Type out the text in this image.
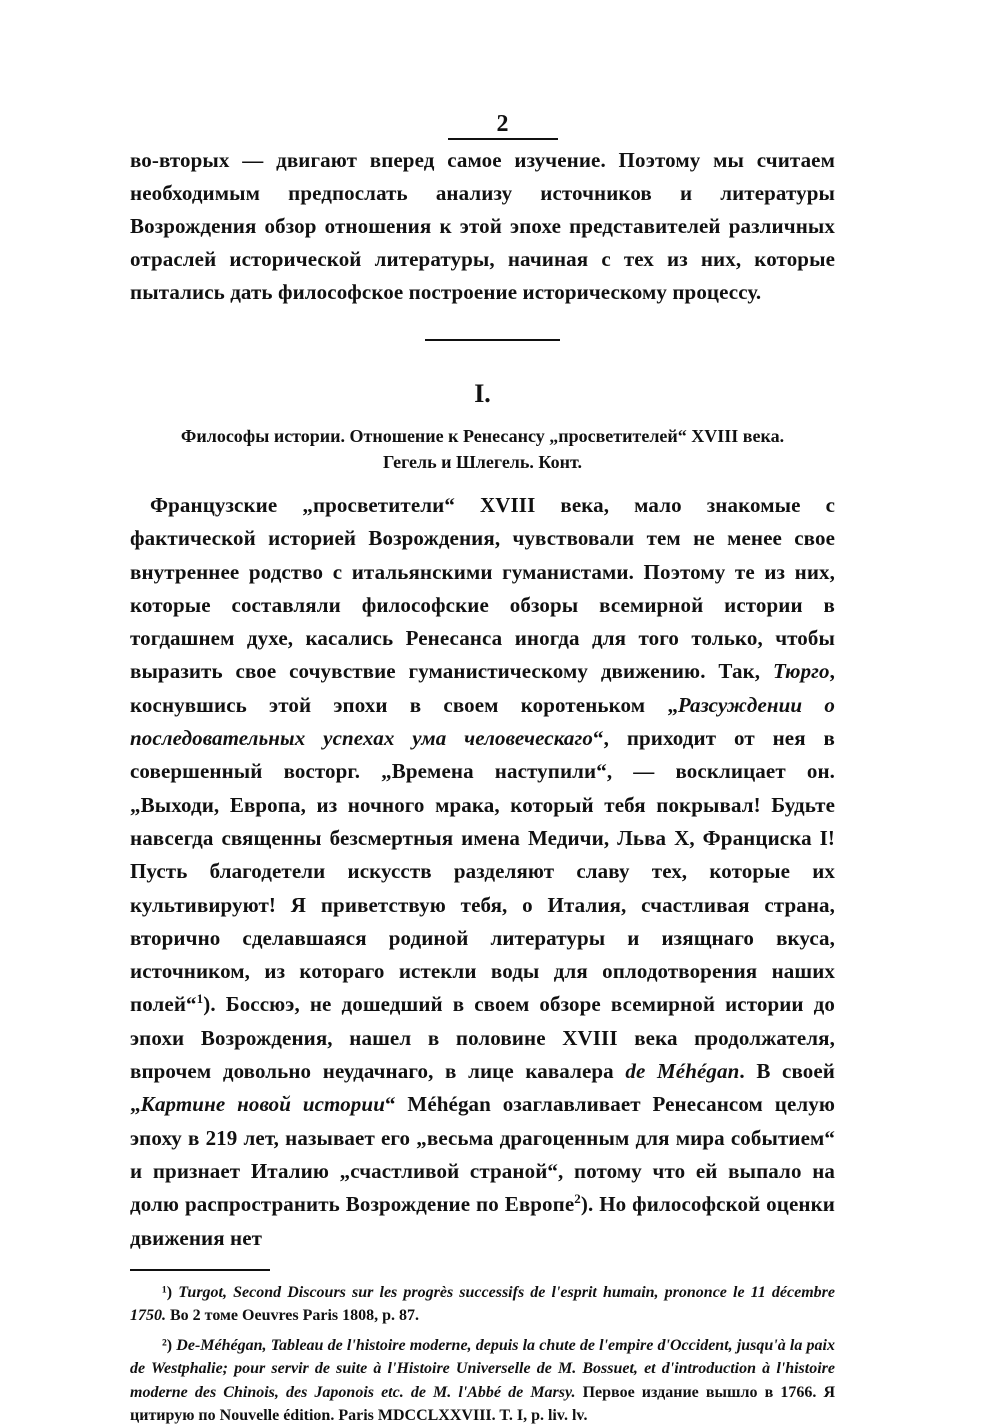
2

во-вторых — двигают вперед самое изучение. Поэтому мы считаем необходимым предпослать анализу источников и литературы Возрождения обзор отношения к этой эпохе представителей различных отраслей исторической литературы, начиная с тех из них, которые пытались дать философское построение историческому процессу.

I.
Философы истории. Отношение к Ренесансу „просветителей“ XVIII века.
Гегель и Шлегель. Конт.

Французские „просветители“ XVIII века, мало знакомые с фактической историей Возрождения, чувствовали тем не менее свое внутреннее родство с итальянскими гуманистами. Поэтому те из них, которые составляли философские обзоры всемирной истории в тогдашнем духе, касались Ренесанса иногда для того только, чтобы выразить свое сочувствие гуманистическому движению. Так, Тюрго, коснувшись этой эпохи в своем коротеньком „Разсуждении о последовательных успехах ума человеческаго“, приходит от нея в совершенный восторг. „Времена наступили“, — восклицает он. „Выходи, Европа, из ночного мрака, который тебя покрывал! Будьте навсегда священны безсмертныя имена Медичи, Льва X, Франциска I! Пусть благодетели искусств разделяют славу тех, которые их культивируют! Я приветствую тебя, о Италия, счастливая страна, вторично сделавшаяся родиной литературы и изящнаго вкуса, источником, из котораго истекли воды для оплодотворения наших полей“$^1$). Боссюэ, не дошедший в своем обзоре всемирной истории до эпохи Возрождения, нашел в половине XVIII века продолжателя, впрочем довольно неудачнаго, в лице кавалера de Méhégan. В своей „Картине новой истории“ Méhégan озаглавливает Ренесансом целую эпоху в 219 лет, называет его „весьма драгоценным для мира событием“ и признает Италию „счастливой страной“, потому что ей выпало на долю распространить Возрождение по Европе$^2$). Но философской оценки движения нет

¹) Turgot, Second Discours sur les progrès successifs de l'esprit humain, prononce le 11 décembre 1750. Во 2 томе Oeuvres Paris 1808, p. 87.

²) De-Méhégan, Tableau de l'histoire moderne, depuis la chute de l'empire d'Occident, jusqu'à la paix de Westphalie; pour servir de suite à l'Histoire Universelle de M. Bossuet, et d'introduction à l'histoire moderne des Chinois, des Japonois etc. de M. l'Abbé de Marsy. Первое издание вышло в 1766. Я цитирую по Nouvelle édition. Paris MDCCLXXVIII. T. I, p. liv. lv.
